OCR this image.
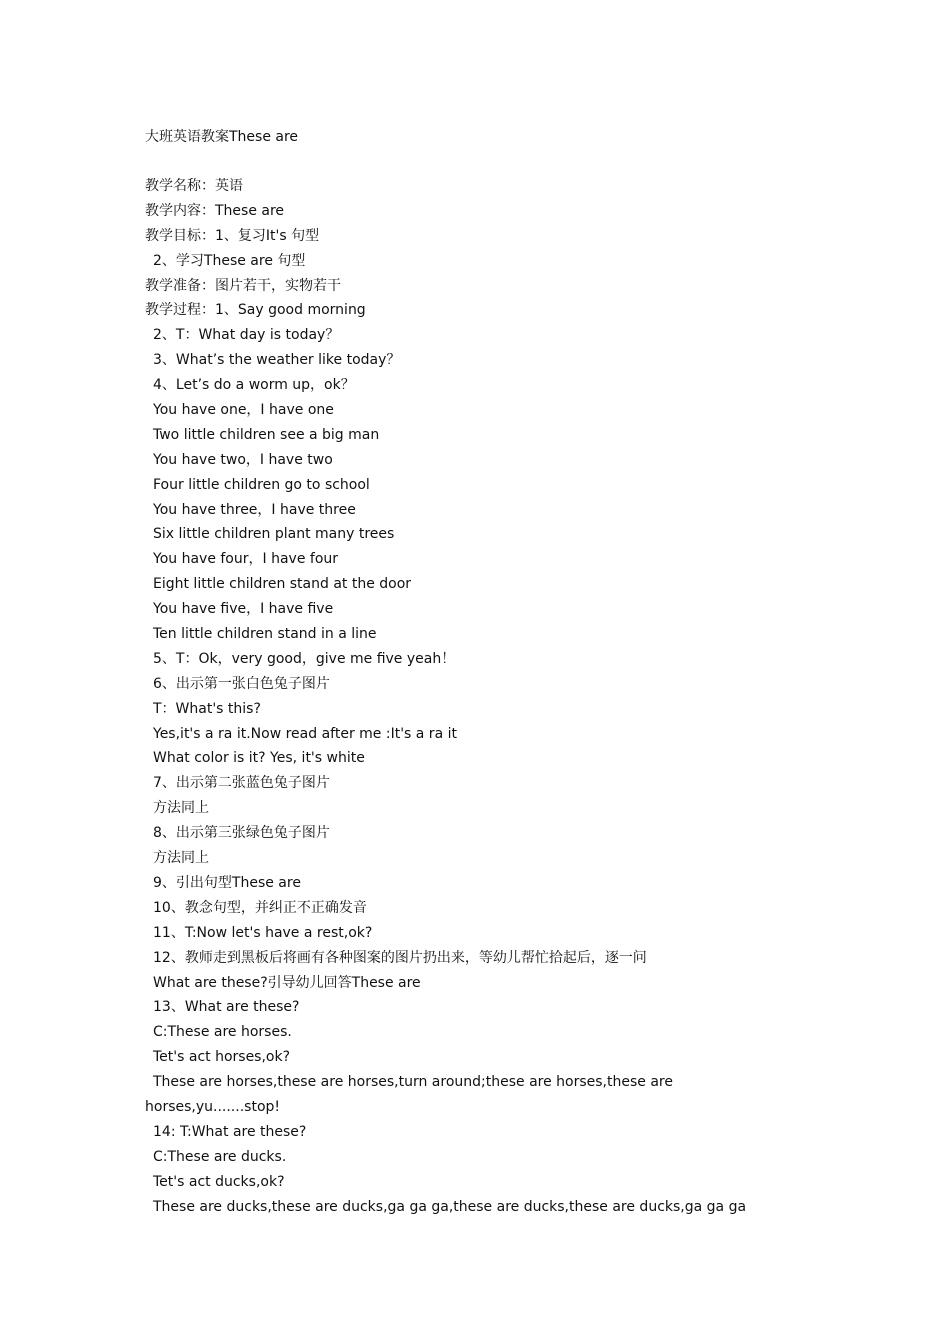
大班英语教案These are
教学名称：英语
教学内容：These are
教学目标：1、复习It's 句型
2、学习These are 句型
教学准备：图片若干，实物若干
教学过程：1、Say good morning
2、T：What day is today？
3、What’s the weather like today？
4、Let’s do a worm up，ok？
You have one，I have one
Two little children see a big man
You have two，I have two
Four little children go to school
You have three，I have three
Six little children plant many trees
You have four，I have four
Eight little children stand at the door
You have five，I have five
Ten little children stand in a line
5、T：Ok，very good，give me five yeah！
6、出示第一张白色兔子图片
T：What's this?
Yes,it's a ra it.Now read after me :It's a ra it
What color is it? Yes, it's white
7、出示第二张蓝色兔子图片
方法同上
8、出示第三张绿色兔子图片
方法同上
9、引出句型These are
10、教念句型，并纠正不正确发音
11、T:Now let's have a rest,ok?
12、教师走到黑板后将画有各种图案的图片扔出来，等幼儿帮忙拾起后，逐一问
What are these?引导幼儿回答These are
13、What are these?
C:These are horses.
Tet's act horses,ok?
These are horses,these are horses,turn around;these are horses,these are
horses,yu.......stop!
14: T:What are these?
C:These are ducks.
Tet's act ducks,ok?
These are ducks,these are ducks,ga ga ga,these are ducks,these are ducks,ga ga ga
